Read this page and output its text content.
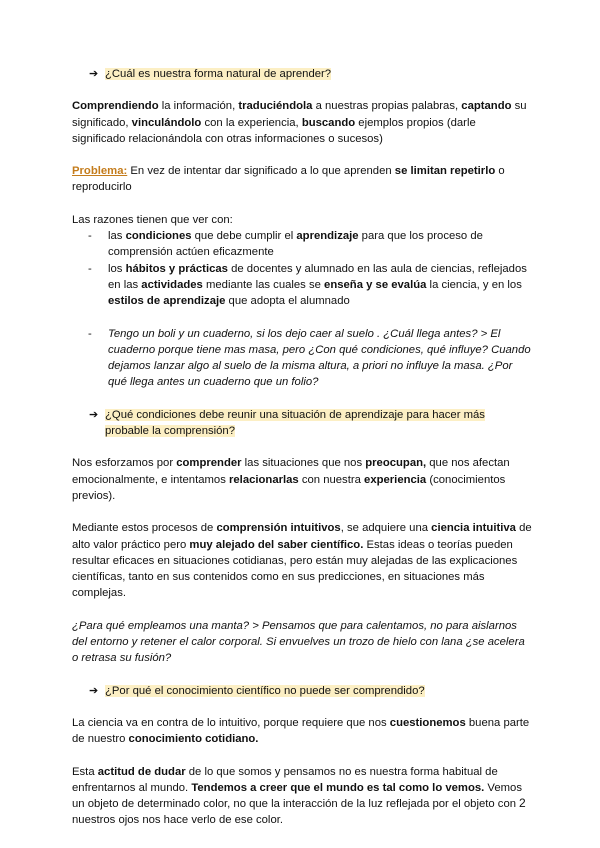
➔ ¿Cuál es nuestra forma natural de aprender?

Comprendiendo la información, traduciéndola a nuestras propias palabras, captando su significado, vinculándolo con la experiencia, buscando ejemplos propios (darle significado relacionándola con otras informaciones o sucesos)

Problema: En vez de intentar dar significado a lo que aprenden se limitan repetirlo o reproducirlo

Las razones tienen que ver con:

-	las condiciones que debe cumplir el aprendizaje para que los proceso de comprensión actúen eficazmente
-	los hábitos y prácticas de docentes y alumnado en las aula de ciencias, reflejados en las actividades mediante las cuales se enseña y se evalúa la ciencia, y en los estilos de aprendizaje que adopta el alumnado
-	Tengo un boli y un cuaderno, si los dejo caer al suelo . ¿Cuál llega antes? > El cuaderno porque tiene mas masa, pero ¿Con qué condiciones, qué influye? Cuando dejamos lanzar algo al suelo de la misma altura, a priori no influye la masa. ¿Por qué llega antes un cuaderno que un folio?
➔ ¿Qué condiciones debe reunir una situación de aprendizaje para hacer más probable la comprensión?

Nos esforzamos por comprender las situaciones que nos preocupan, que nos afectan emocionalmente, e intentamos relacionarlas con nuestra experiencia (conocimientos previos).

Mediante estos procesos de comprensión intuitivos, se adquiere una ciencia intuitiva de alto valor práctico pero muy alejado del saber científico. Estas ideas o teorías pueden resultar eficaces en situaciones cotidianas, pero están muy alejadas de las explicaciones científicas, tanto en sus contenidos como en sus predicciones, en situaciones más complejas.

¿Para qué empleamos una manta? > Pensamos que para calentamos, no para aislarnos del entorno y retener el calor corporal. Si envuelves un trozo de hielo con lana ¿se acelera o retrasa su fusión?

➔ ¿Por qué el conocimiento científico no puede ser comprendido?

La ciencia va en contra de lo intuitivo, porque requiere que nos cuestionemos buena parte de nuestro conocimiento cotidiano.

Esta actitud de dudar de lo que somos y pensamos no es nuestra forma habitual de enfrentarnos al mundo. Tendemos a creer que el mundo es tal como lo vemos. Vemos un objeto de determinado color, no que la interacción de la luz reflejada por el objeto con nuestros ojos nos hace verlo de ese color.

2
